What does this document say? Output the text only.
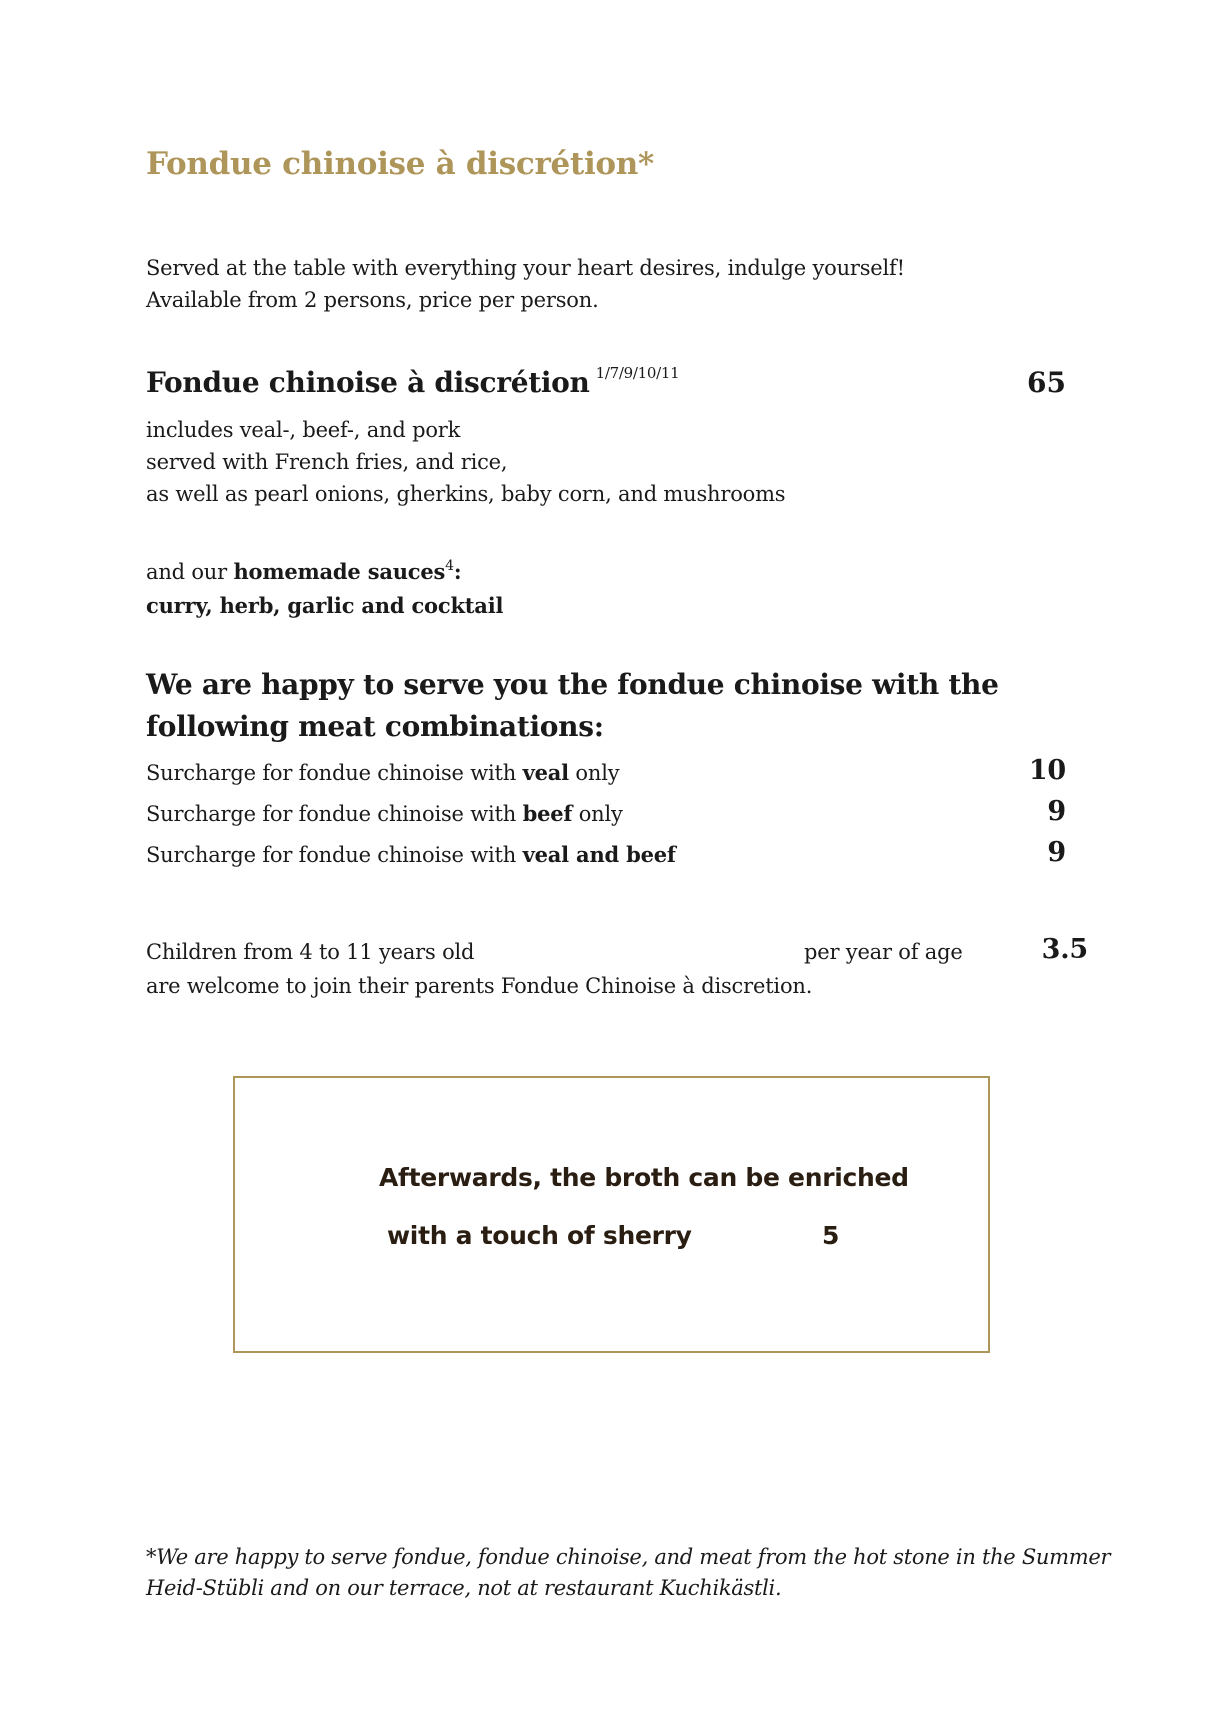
Fondue chinoise à discrétion*
Served at the table with everything your heart desires, indulge yourself!
Available from 2 persons, price per person.
Fondue chinoise à discrétion $^{1/7/9/10/11}$	65
includes veal-, beef-, and pork
served with French fries, and rice,
as well as pearl onions, gherkins, baby corn, and mushrooms
and our homemade sauces$^4$:
curry, herb, garlic and cocktail
We are happy to serve you the fondue chinoise with the following meat combinations:
Surcharge for fondue chinoise with veal only	10
Surcharge for fondue chinoise with beef only	9
Surcharge for fondue chinoise with veal and beef	9
Children from 4 to 11 years old	per year of age	3.5
are welcome to join their parents Fondue Chinoise à discretion.
Afterwards, the broth can be enriched
with a touch of sherry	5
*We are happy to serve fondue, fondue chinoise, and meat from the hot stone in the Summer
Heid-Stübli and on our terrace, not at restaurant Kuchikästli.
